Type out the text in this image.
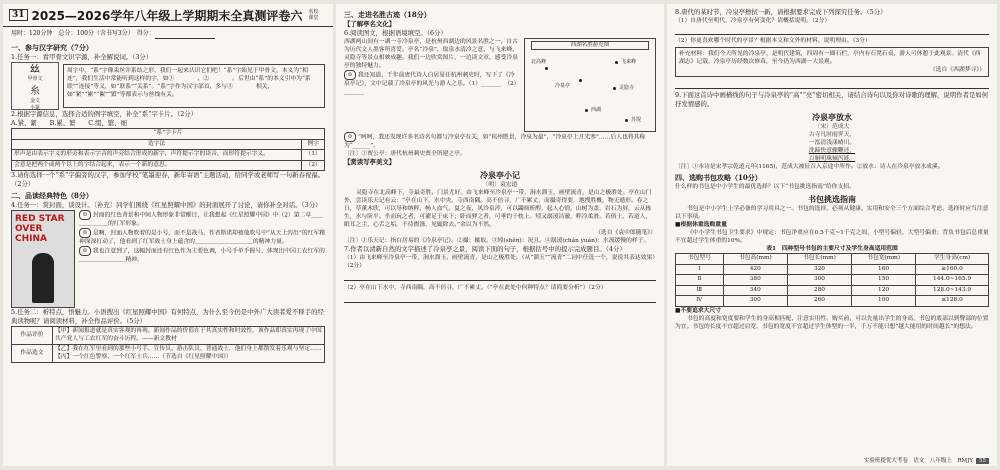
31 2025—2026学年八年级上学期期末全真测评卷六 名校课堂
用时：120分钟　总分：100分（含书写3分）　得分：

一、参与汉字研究（7分）

1.任务一：看甲骨文识字源，补全解说词。（3分）

𢆶
甲骨文
糸
金文
小篆

周字中，“系”字像束丝并系结之形，我们一起来认识它们吧！“系”字始见于甲骨文，本义为“相连”，我们生活中常能听到这样的字，如①　　　　、②　　　　。后世由“系”的本义引申为“系联”“连接”等义，如“联系”“关系”。“系”字作为汉字部首，多与③　　　　相关，如“紧”“累”“絮”“繁”等都表示与丝线有关。

2.根据字源信息，选择合适的例字填空，补全“系”字卡片。（2分）

A.紧、絮　　B.累、繁　　C.缀、繁、细

“系”字卡片	
造字法	例字
形声是由表示字义的形旁和表示字音的声旁结合形成的新字，声符提示字的读音，而形符提示字义。	（1）
会意是把两个或两个以上的字结合起来，表示一个新的意思。	（2）

3.请你选择一个“系”字偏旁的汉字，参加学校“笔墨迎春，新年寄语”主题活动，给同学或老师写一句新春祝福。（2分）

二、品读经典特色（8分）

4.任务一：赏封面，谈设计。〔补充〕同学们围绕《红星照耀中国》的封面展开了讨论，请你补全对话。（3分）

RED STAR OVER CHINA

☺ 封面的红色背景和中间人物形象非常醒目，让我想起《红星照耀中国》中（2）第二章＿＿＿＿＿＿＿的红军形象。

☺ 是啊，封面人物吹着的是小号，而不是战马，作者斯诺却被他吹号中“从天上泻出”的红军精神深深打动了，他看到了红军战士身上蕴含的＿＿＿＿＿＿＿＿＿＿的精神力量。

☺ 我也注意到了，这幅封面还有红色作为主要色调，小号手单手握号，体现出中国工农红军的＿＿＿＿＿＿＿＿精神。

5.任务二：析特点，悟魅力。小语搜出《红星照耀中国》有何特点，为什么至今仍是中外广大读者爱不释手的经典读物呢？请阅读材料，补全作品评价。（5分）

作品评价	【甲】新闻报道就是真实客观的再现、新闻作品的价值在于其真实性和时效性，该作品即真实再现了中国共产党人与工农红军的奋斗历程。——新文教材
作品选文	【乙】我在红军里看到的那些小号手、宣传员、游击队员、普通战士，他们身上都散发着乐观与坚定……【丙】一个红色警察、一个红军士兵……（节选自《红星照耀中国》）

三、走进名胜古迹（18分）

【了解亭名文化】

6.阅读图文，根据语境填空。（6分）

西湖两山间有一湖一寺冷泉亭，是杭州西湖边的风景名胜之一，自古为历代文人墨客所喜爱。亭名“冷泉”，取泉水清冷之意，与飞来峰、灵隐寺等景点相映成趣。我们一边欣赏图片，一边读文章，感受冷泉亭的独特魅力。

☺ 我还知道，千年前唐代诗人白居易任杭州刺史时，写下了《冷泉亭记》，文中记载了冷泉亭的风光与游人之乐。（1）_______　（2）_______

西湖名胜游览图
飞来峰
冷泉亭	灵隐寺
北高峰
西湖
苏堤

☺ “呵呵，我还发现许多名诗名句都与冷泉亭有关，如“杭州胜景，冷泉为最”，“冷泉亭上月光寒”……后人也将其称为“______”。

〔注〕①贾公亭：唐代杭州刺史贾全所建之亭。

【赏读写亭美文】

冷泉亭小记

〔明〕袁宏道

灵隐寺在北高峰下，寺最奇胜，门景尤好。由飞来峰至冷泉亭一带，涧水溜玉，画壁流青，是山之极胜处。亭在山门外，尝读乐天记有云：“亭在山下，水中央，寺西南隅。高不倍寻，广不累丈，而撮奇得要，地搜胜概，物无遁形。春之日，草薰木欣，可以导和纳粹，畅人血气。夏之夜，风泠泉渟，可以蠲烦析酲，起人心情。山树为盖，岩石为屏，云从栋生，水与阶平。坐而玩之者，可濯足于床下；卧而狎之者，可垂钓于枕上。矧又潺湲洁澈，粹冷柔滑。若俗士，若道人，眼耳之尘，心舌之垢，不待盥涤，见辄除去。”余以为不然。

（选自《袁中郎随笔》）

〔注〕①乐天记：指白居易的《冷泉亭记》。②撮：摄取。③矧(shěn)：况且。④潺湲(chán yuán)：水流缓慢的样子。

7.作者以清新自然的文字描述了冷泉亭之景，阅读下面的句子，根据括号中的提示完成题目。（4分）

（1）由飞来峰至冷泉亭一带，涧水溜玉，画壁流青，是山之极胜处。（从“溜玉”“流青”二词中任选一个，说说其表达效果）（2分）

（2）亭在山下水中，寺西南隅，高不倍寻，广不累丈。（“亭在此处中何种特点？请简要分析”）（2分）

8.唐代的某时节，冷泉亭擦拭一新，请根据要求完成下列探究任务。（5分）

（1）自唐代至明代，冷泉亭有何变化？请概括说明。（2分）

（2）你更喜欢哪个时代的亭景？根据本文和文外的材料，说明理由。（3分）

补充材料：我们今天所见的冷泉亭，是明代建筑，四周有一圈石栏，亭内有石凳石桌，游人可休憩于此观景。清代《西湖志》记载，冷泉亭历经数次修葺，至今仍为西湖一大景观。

（选自《西湖梦寻》）

9.下面这首诗中画横线的句子与冷泉亭的“高”“亮”密切相关，请结合诗句以及你对诗歌的理解，说明作者是如何抒发情感的。

冷泉亭放水

〔宋〕范成大

古寺凡时雨霁天，

一泓清浅漾晴川。

洗蹄快意骤鞭还，

百斛明珠倾泻涟。

〔注〕①本诗是宋孝宗乾道元年(1165)，范成大被征召入京途中所作。②放水：诗人在冷泉亭放水成溪。

四、选购书包攻略（10分）

什么样的书包是中小学生的最优选择？以下“书包挑选指南”给你支招。

书包挑选指南

书包是中小学生上学必备的学习用具之一。书包的选择，必须从健康、实用和安全三个方面综合考虑，选择时应当注意以下事项。

■根据体重选购重量

《中小学生书包卫生要求》中规定：书包净重应在0.5千克~1千克之间，小型号偏轻，大型号偏重；背负书包后总重量不宜超过学生体重的10%。

表1　四种型号书包的主要尺寸及学生身高适用范围

书包型号	书包高(mm)	书包长(mm)	书包宽(mm)	学生身高(cm)
Ⅰ	420	320	160	≥160.0
Ⅱ	380	300	150	144.0~165.9
Ⅲ	340	280	120	128.0~143.9
Ⅳ	300	260	100	≤128.0

■不要追求大尺寸

书包的高度和宽度要和学生的身高相匹配，注意实用性。购买前，可以先量出学生的身高，书包的底部以到臀部的位置为宜。书包的长度不宜超过肩宽，书包的宽度不宜超过学生体型的一半，千万不能只想“越大能用的时间越长”的想法。

实验班提优大考卷　语文　八年级上　RMJY 55
